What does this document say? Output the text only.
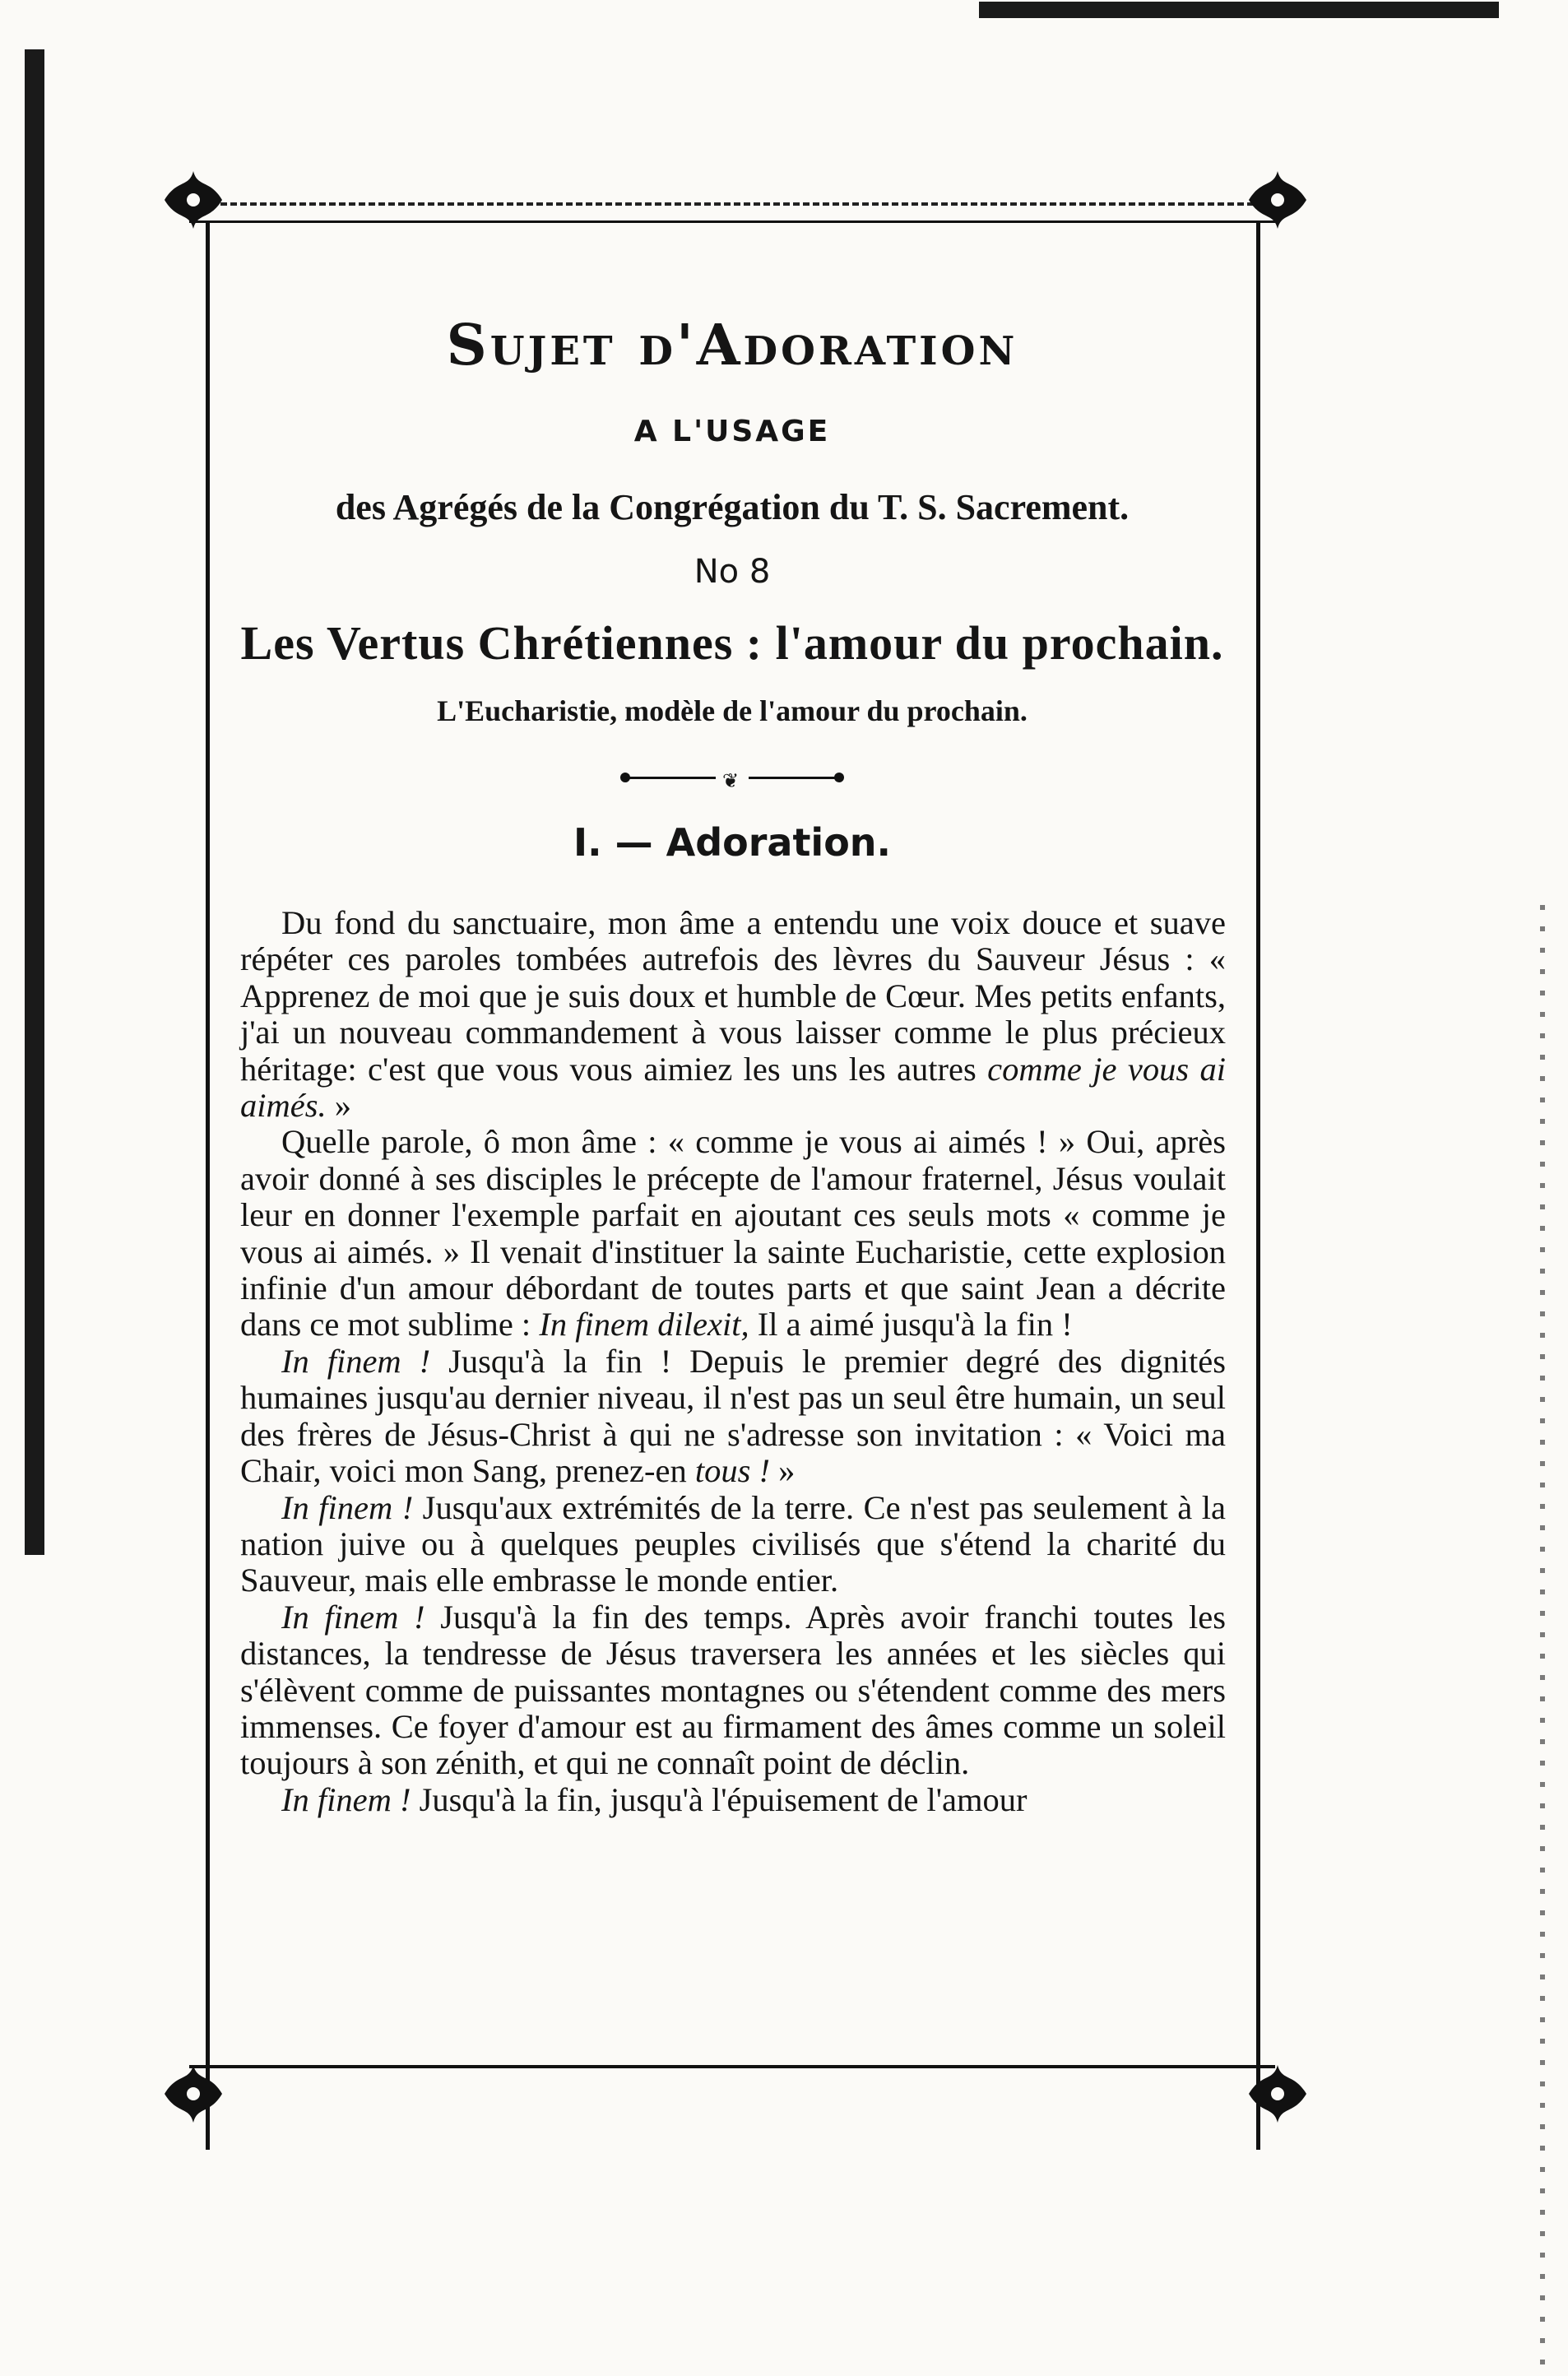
Sujet d'Adoration
A L'USAGE
des Agrégés de la Congrégation du T. S. Sacrement.
No 8
Les Vertus Chrétiennes : l'amour du prochain.
L'Eucharistie, modèle de l'amour du prochain.
❦
I. — Adoration.

Du fond du sanctuaire, mon âme a entendu une voix douce et suave répéter ces paroles tombées autrefois des lèvres du Sauveur Jésus : « Apprenez de moi que je suis doux et humble de Cœur. Mes petits enfants, j'ai un nouveau commandement à vous laisser comme le plus précieux héritage: c'est que vous vous aimiez les uns les autres comme je vous ai aimés. »

Quelle parole, ô mon âme : « comme je vous ai aimés ! » Oui, après avoir donné à ses disciples le précepte de l'amour fraternel, Jésus voulait leur en donner l'exemple parfait en ajoutant ces seuls mots « comme je vous ai aimés. » Il venait d'instituer la sainte Eucharistie, cette explosion infinie d'un amour débordant de toutes parts et que saint Jean a décrite dans ce mot sublime : In finem dilexit, Il a aimé jusqu'à la fin !

In finem ! Jusqu'à la fin ! Depuis le premier degré des dignités humaines jusqu'au dernier niveau, il n'est pas un seul être humain, un seul des frères de Jésus-Christ à qui ne s'adresse son invitation : « Voici ma Chair, voici mon Sang, prenez-en tous ! »

In finem ! Jusqu'aux extrémités de la terre. Ce n'est pas seulement à la nation juive ou à quelques peuples civilisés que s'étend la charité du Sauveur, mais elle embrasse le monde entier.

In finem ! Jusqu'à la fin des temps. Après avoir franchi toutes les distances, la tendresse de Jésus traversera les années et les siècles qui s'élèvent comme de puissantes montagnes ou s'étendent comme des mers immenses. Ce foyer d'amour est au firmament des âmes comme un soleil toujours à son zénith, et qui ne connaît point de déclin.

In finem ! Jusqu'à la fin, jusqu'à l'épuisement de l'amour
